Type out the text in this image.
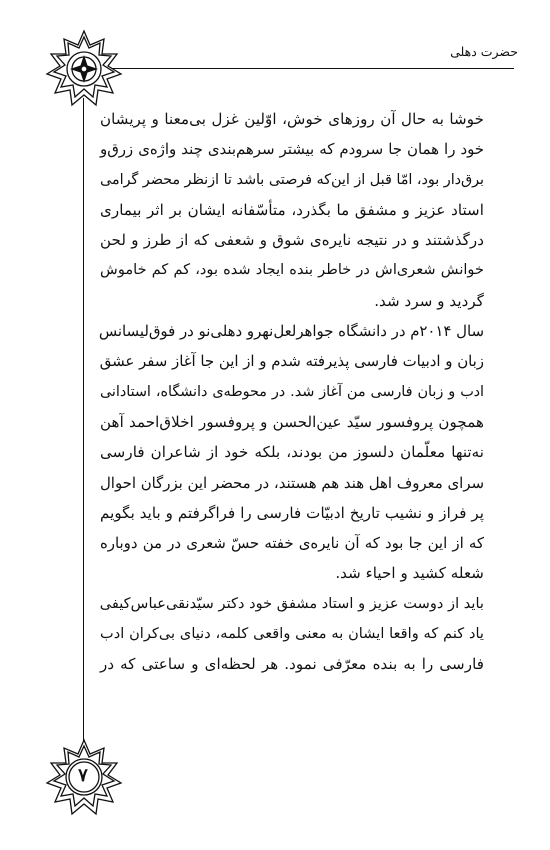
حضرت دهلی
۷
خوشا به حال آن روزهای خوش، اوّلین غزل بی‌معنا و پریشان
خود را همان جا سرودم که بیشتر سرهم‌بندی چند واژه‌ی زرق‌و
برق‌دار بود، امّا قبل از این‌که فرصتی باشد تا ازنظر محضر گرامی
استاد عزیز و مشفق ما بگذرد، متأسّفانه ایشان بر اثر بیماری
درگذشتند و در نتیجه نایره‌ی شوق و شعفی که از طرز و لحن
خوانش شعری‌اش در خاطر بنده ایجاد شده بود، کم کم خاموش
گردید و سرد شد.
سال ۲۰۱۴م در دانشگاه جواهرلعل‌نهرو دهلی‌نو در فوق‌لیسانس
زبان و ادبیات فارسی پذیرفته شدم و از این جا آغاز سفر عشق
ادب و زبان فارسی من آغاز شد. در محوطه‌ی دانشگاه، استادانی
همچون پروفسور سیّد عین‌الحسن و پروفسور اخلاق‌احمد آهن
نه‌تنها معلّمان دلسوز من بودند، بلکه خود از شاعران فارسی
سرای معروف اهل هند هم هستند، در محضر این بزرگان احوال
پر فراز و نشیب تاریخ ادبیّات فارسی را فراگرفتم و باید بگویم
که از این جا بود که آن نایره‌ی خفته حسّ شعری در من دوباره
شعله کشید و احیاء شد.
باید از دوست عزیز و استاد مشفق خود دکتر سیّدنقی‌عباس‌کیفی
یاد کنم که واقعا ایشان به معنی واقعی کلمه، دنیای بی‌کران ادب
فارسی را به بنده معرّفی نمود. هر لحظه‌ای و ساعتی که در
